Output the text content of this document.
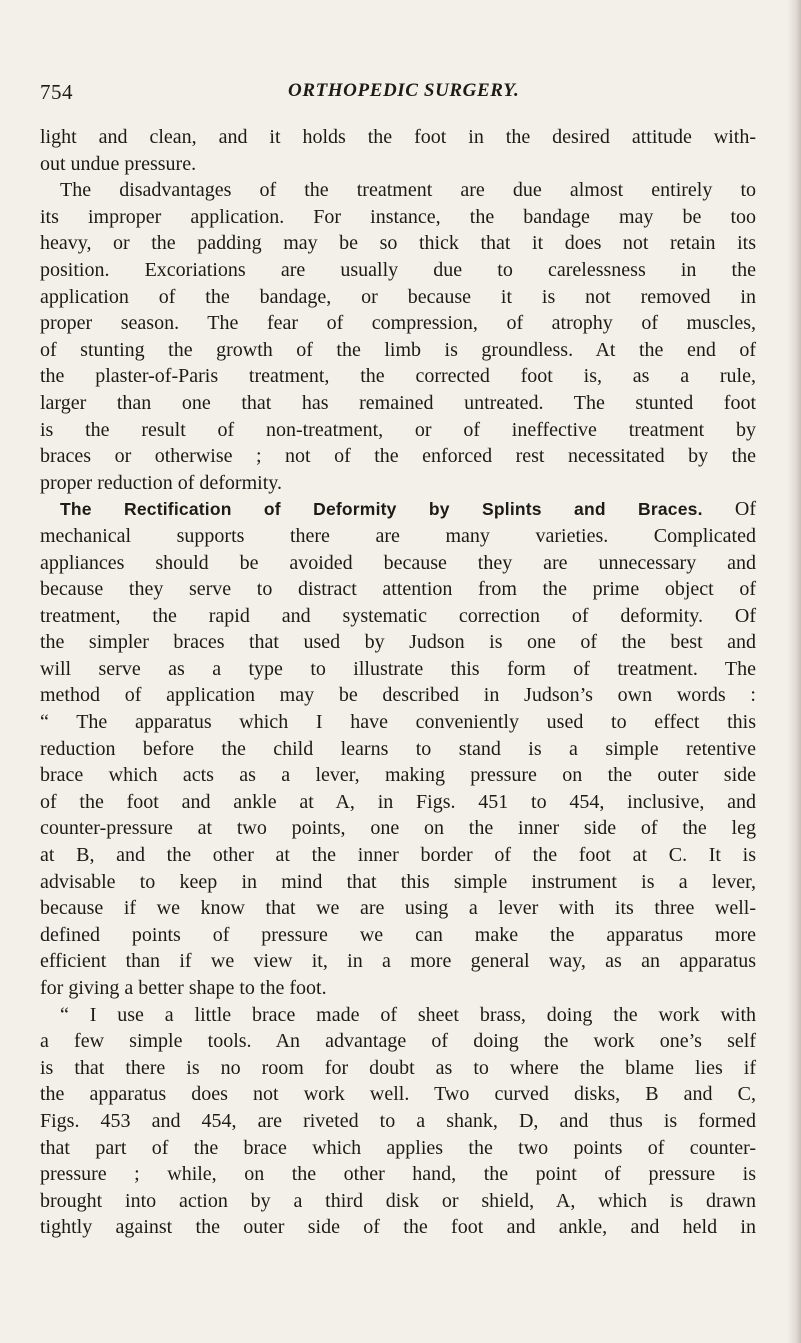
754	ORTHOPEDIC SURGERY.
light and clean, and it holds the foot in the desired attitude with-
out undue pressure.
The disadvantages of the treatment are due almost entirely to
its improper application. For instance, the bandage may be too
heavy, or the padding may be so thick that it does not retain its
position. Excoriations are usually due to carelessness in the
application of the bandage, or because it is not removed in
proper season. The fear of compression, of atrophy of muscles,
of stunting the growth of the limb is groundless. At the end of
the plaster-of-Paris treatment, the corrected foot is, as a rule,
larger than one that has remained untreated. The stunted foot
is the result of non-treatment, or of ineffective treatment by
braces or otherwise ; not of the enforced rest necessitated by the
proper reduction of deformity.
The Rectification of Deformity by Splints and Braces. Of
mechanical supports there are many varieties. Complicated
appliances should be avoided because they are unnecessary and
because they serve to distract attention from the prime object of
treatment, the rapid and systematic correction of deformity. Of
the simpler braces that used by Judson is one of the best and
will serve as a type to illustrate this form of treatment. The
method of application may be described in Judson’s own words :
“ The apparatus which I have conveniently used to effect this
reduction before the child learns to stand is a simple retentive
brace which acts as a lever, making pressure on the outer side
of the foot and ankle at A, in Figs. 451 to 454, inclusive, and
counter-pressure at two points, one on the inner side of the leg
at B, and the other at the inner border of the foot at C. It is
advisable to keep in mind that this simple instrument is a lever,
because if we know that we are using a lever with its three well-
defined points of pressure we can make the apparatus more
efficient than if we view it, in a more general way, as an apparatus
for giving a better shape to the foot.
“ I use a little brace made of sheet brass, doing the work with
a few simple tools. An advantage of doing the work one’s self
is that there is no room for doubt as to where the blame lies if
the apparatus does not work well. Two curved disks, B and C,
Figs. 453 and 454, are riveted to a shank, D, and thus is formed
that part of the brace which applies the two points of counter-
pressure ; while, on the other hand, the point of pressure is
brought into action by a third disk or shield, A, which is drawn
tightly against the outer side of the foot and ankle, and held in
